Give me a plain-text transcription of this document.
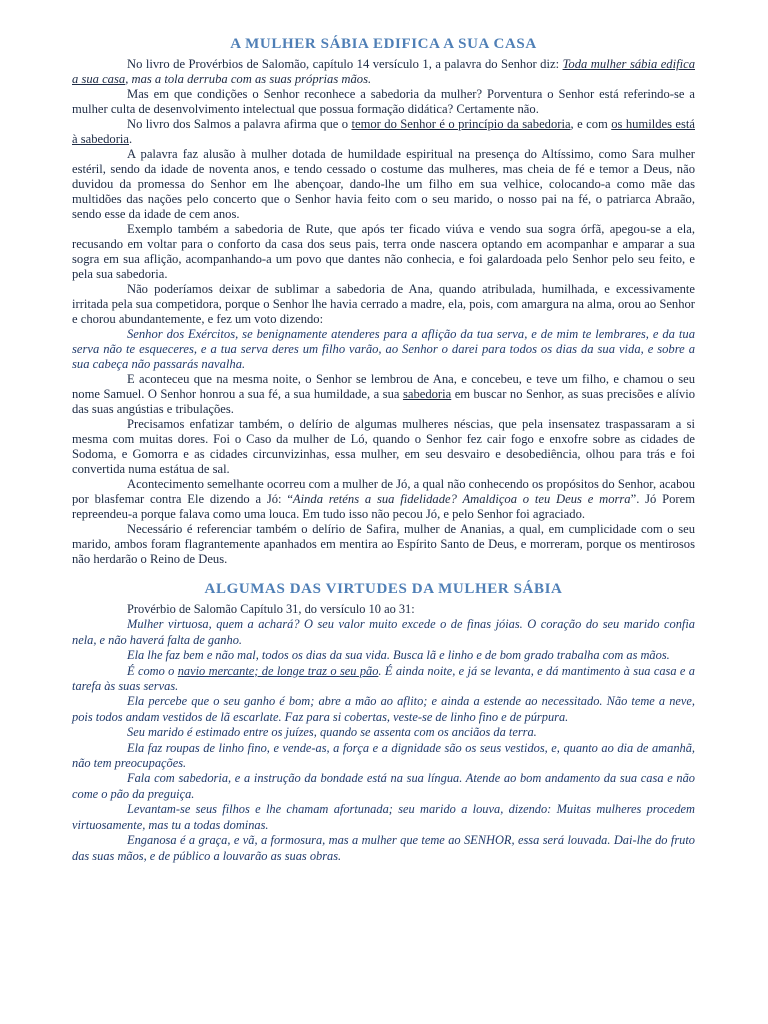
A MULHER SÁBIA EDIFICA A SUA CASA

No livro de Provérbios de Salomão, capítulo 14 versículo 1, a palavra do Senhor diz: Toda mulher sábia edifica a sua casa, mas a tola derruba com as suas próprias mãos.

Mas em que condições o Senhor reconhece a sabedoria da mulher? Porventura o Senhor está referindo-se a mulher culta de desenvolvimento intelectual que possua formação didática? Certamente não.

No livro dos Salmos a palavra afirma que o temor do Senhor é o princípio da sabedoria, e com os humildes está à sabedoria.

A palavra faz alusão à mulher dotada de humildade espiritual na presença do Altíssimo, como Sara mulher estéril, sendo da idade de noventa anos, e tendo cessado o costume das mulheres, mas cheia de fé e temor a Deus, não duvidou da promessa do Senhor em lhe abençoar, dando-lhe um filho em sua velhice, colocando-a como mãe das multidões das nações pelo concerto que o Senhor havia feito com o seu marido, o nosso pai na fé, o patriarca Abraão, sendo esse da idade de cem anos.

Exemplo também a sabedoria de Rute, que após ter ficado viúva e vendo sua sogra órfã, apegou-se a ela, recusando em voltar para o conforto da casa dos seus pais, terra onde nascera optando em acompanhar e amparar a sua sogra em sua aflição, acompanhando-a um povo que dantes não conhecia, e foi galardoada pelo Senhor pelo seu feito, e pela sua sabedoria.

Não poderíamos deixar de sublimar a sabedoria de Ana, quando atribulada, humilhada, e excessivamente irritada pela sua competidora, porque o Senhor lhe havia cerrado a madre, ela, pois, com amargura na alma, orou ao Senhor e chorou abundantemente, e fez um voto dizendo:

Senhor dos Exércitos, se benignamente atenderes para a aflição da tua serva, e de mim te lembrares, e da tua serva não te esqueceres, e a tua serva deres um filho varão, ao Senhor o darei para todos os dias da sua vida, e sobre a sua cabeça não passarás navalha.

E aconteceu que na mesma noite, o Senhor se lembrou de Ana, e concebeu, e teve um filho, e chamou o seu nome Samuel. O Senhor honrou a sua fé, a sua humildade, a sua sabedoria em buscar no Senhor, as suas precisões e alívio das suas angústias e tribulações.

Precisamos enfatizar também, o delírio de algumas mulheres néscias, que pela insensatez traspassaram a si mesma com muitas dores. Foi o Caso da mulher de Ló, quando o Senhor fez cair fogo e enxofre sobre as cidades de Sodoma, e Gomorra e as cidades circunvizinhas, essa mulher, em seu desvairo e desobediência, olhou para trás e foi convertida numa estátua de sal.

Acontecimento semelhante ocorreu com a mulher de Jó, a qual não conhecendo os propósitos do Senhor, acabou por blasfemar contra Ele dizendo a Jó: “Ainda reténs a sua fidelidade? Amaldiçoa o teu Deus e morra”. Jó Porem repreendeu-a porque falava como uma louca. Em tudo isso não pecou Jó, e pelo Senhor foi agraciado.

Necessário é referenciar também o delírio de Safira, mulher de Ananias, a qual, em cumplicidade com o seu marido, ambos foram flagrantemente apanhados em mentira ao Espírito Santo de Deus, e morreram, porque os mentirosos não herdarão o Reino de Deus.

ALGUMAS DAS VIRTUDES DA MULHER SÁBIA

Provérbio de Salomão Capítulo 31, do versículo 10 ao 31:

Mulher virtuosa, quem a achará? O seu valor muito excede o de finas jóias. O coração do seu marido confia nela, e não haverá falta de ganho.

Ela lhe faz bem e não mal, todos os dias da sua vida. Busca lã e linho e de bom grado trabalha com as mãos.

É como o navio mercante; de longe traz o seu pão. É ainda noite, e já se levanta, e dá mantimento à sua casa e a tarefa às suas servas.

Ela percebe que o seu ganho é bom; abre a mão ao aflito; e ainda a estende ao necessitado. Não teme a neve, pois todos andam vestidos de lã escarlate. Faz para si cobertas, veste-se de linho fino e de púrpura.

Seu marido é estimado entre os juízes, quando se assenta com os anciãos da terra.

Ela faz roupas de linho fino, e vende-as, a força e a dignidade são os seus vestidos, e, quanto ao dia de amanhã, não tem preocupações.

Fala com sabedoria, e a instrução da bondade está na sua língua. Atende ao bom andamento da sua casa e não come o pão da preguiça.

Levantam-se seus filhos e lhe chamam afortunada; seu marido a louva, dizendo: Muitas mulheres procedem virtuosamente, mas tu a todas dominas.

Enganosa é a graça, e vã, a formosura, mas a mulher que teme ao SENHOR, essa será louvada. Dai-lhe do fruto das suas mãos, e de público a louvarão as suas obras.
